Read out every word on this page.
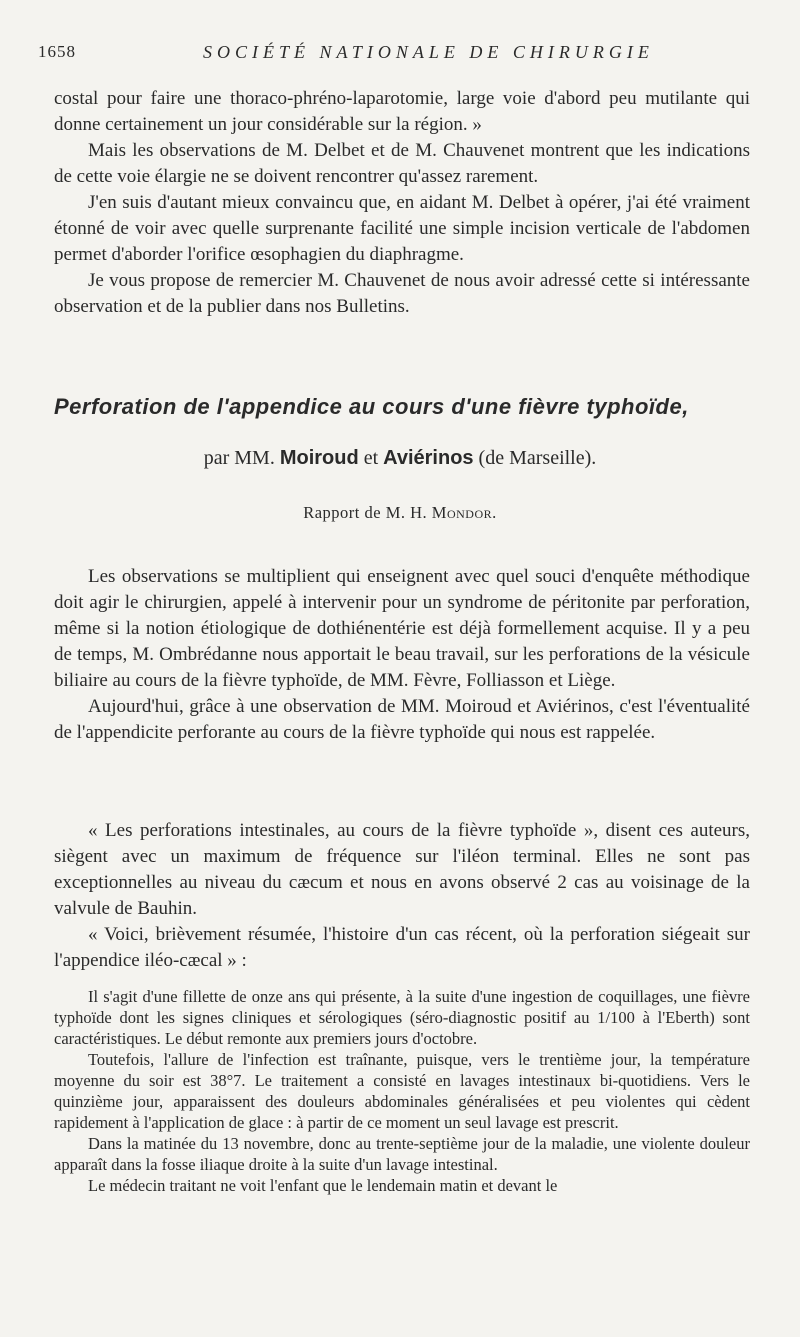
1658	SOCIÉTÉ NATIONALE DE CHIRURGIE

costal pour faire une thoraco-phréno-laparotomie, large voie d'abord peu mutilante qui donne certainement un jour considérable sur la région. »

Mais les observations de M. Delbet et de M. Chauvenet montrent que les indications de cette voie élargie ne se doivent rencontrer qu'assez rarement.

J'en suis d'autant mieux convaincu que, en aidant M. Delbet à opérer, j'ai été vraiment étonné de voir avec quelle surprenante facilité une simple incision verticale de l'abdomen permet d'aborder l'orifice œsophagien du diaphragme.

Je vous propose de remercier M. Chauvenet de nous avoir adressé cette si intéressante observation et de la publier dans nos Bulletins.

Perforation de l'appendice au cours d'une fièvre typhoïde,
par MM. Moiroud et Aviérinos (de Marseille).
Rapport de M. H. Mondor.

Les observations se multiplient qui enseignent avec quel souci d'enquête méthodique doit agir le chirurgien, appelé à intervenir pour un syndrome de péritonite par perforation, même si la notion étiologique de dothiénentérie est déjà formellement acquise. Il y a peu de temps, M. Ombrédanne nous apportait le beau travail, sur les perforations de la vésicule biliaire au cours de la fièvre typhoïde, de MM. Fèvre, Folliasson et Liège.

Aujourd'hui, grâce à une observation de MM. Moiroud et Aviérinos, c'est l'éventualité de l'appendicite perforante au cours de la fièvre typhoïde qui nous est rappelée.

« Les perforations intestinales, au cours de la fièvre typhoïde », disent ces auteurs, siègent avec un maximum de fréquence sur l'iléon terminal. Elles ne sont pas exceptionnelles au niveau du cæcum et nous en avons observé 2 cas au voisinage de la valvule de Bauhin.

« Voici, brièvement résumée, l'histoire d'un cas récent, où la perforation siégeait sur l'appendice iléo-cæcal » :

Il s'agit d'une fillette de onze ans qui présente, à la suite d'une ingestion de coquillages, une fièvre typhoïde dont les signes cliniques et sérologiques (séro-diagnostic positif au 1/100 à l'Eberth) sont caractéristiques. Le début remonte aux premiers jours d'octobre.

Toutefois, l'allure de l'infection est traînante, puisque, vers le trentième jour, la température moyenne du soir est 38°7. Le traitement a consisté en lavages intestinaux bi-quotidiens. Vers le quinzième jour, apparaissent des douleurs abdominales généralisées et peu violentes qui cèdent rapidement à l'application de glace : à partir de ce moment un seul lavage est prescrit.

Dans la matinée du 13 novembre, donc au trente-septième jour de la maladie, une violente douleur apparaît dans la fosse iliaque droite à la suite d'un lavage intestinal.

Le médecin traitant ne voit l'enfant que le lendemain matin et devant le
